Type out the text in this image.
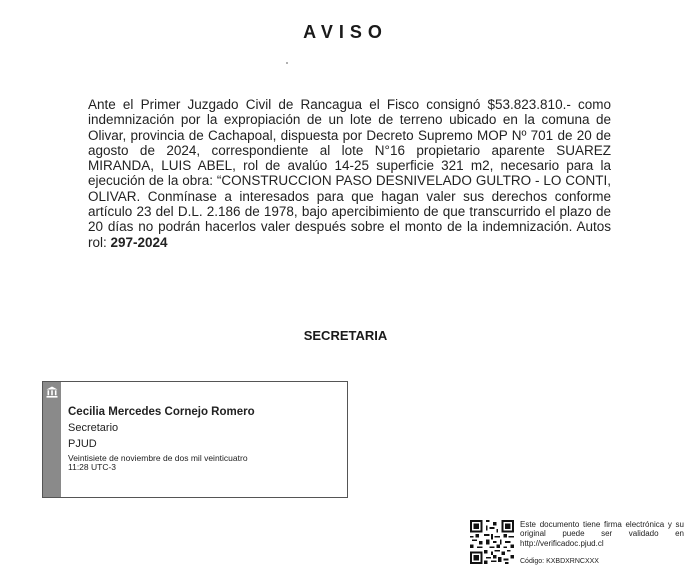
AVISO
Ante el Primer Juzgado Civil de Rancagua el Fisco consignó $53.823.810.- como indemnización por la expropiación de un lote de terreno ubicado en la comuna de Olivar, provincia de Cachapoal, dispuesta por Decreto Supremo MOP Nº 701 de 20 de agosto de 2024, correspondiente al lote N°16 propietario aparente SUAREZ MIRANDA, LUIS ABEL, rol de avalúo 14-25 superficie 321 m2, necesario para la ejecución de la obra: “CONSTRUCCION PASO DESNIVELADO GULTRO - LO CONTI, OLIVAR. Conmínase a interesados para que hagan valer sus derechos conforme artículo 23 del D.L. 2.186 de 1978, bajo apercibimiento de que transcurrido el plazo de 20 días no podrán hacerlos valer después sobre el monto de la indemnización. Autos rol: 297-2024
SECRETARIA
Cecilia Mercedes Cornejo Romero
Secretario
PJUD
Veintisiete de noviembre de dos mil veinticuatro
11:28 UTC-3
Este documento tiene firma electrónica y su original puede ser validado en http://verificadoc.pjud.cl
Código: KXBDXRNCXXX
